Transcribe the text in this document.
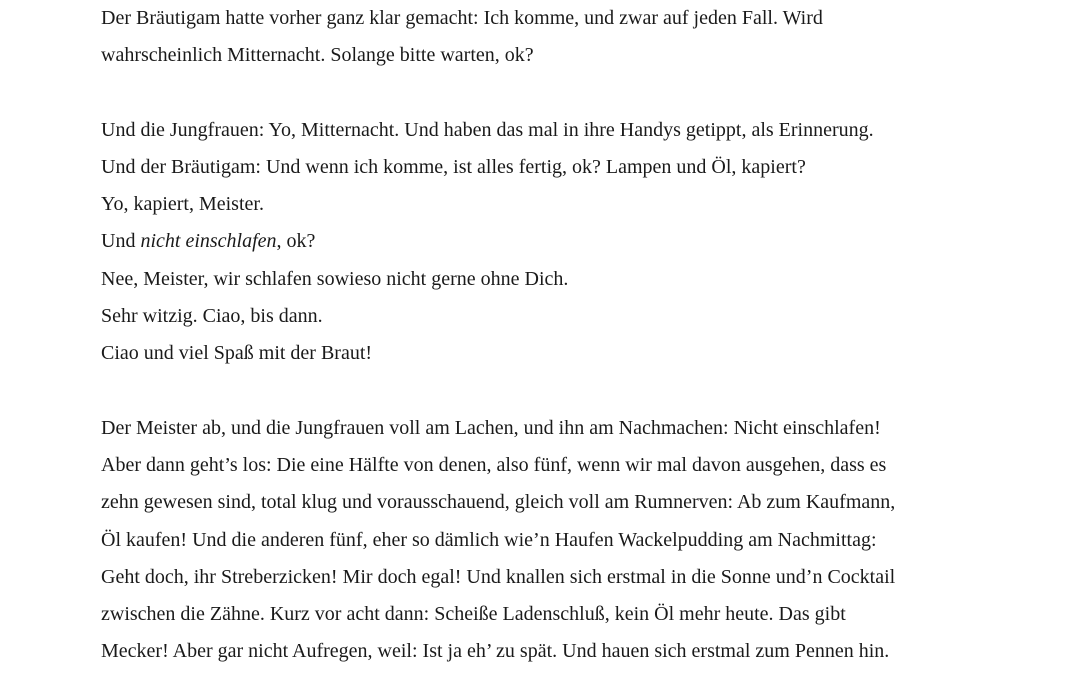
Der Bräutigam hatte vorher ganz klar gemacht: Ich komme, und zwar auf jeden Fall. Wird

wahrscheinlich Mitternacht. Solange bitte warten, ok?

Und die Jungfrauen: Yo, Mitternacht. Und haben das mal in ihre Handys getippt, als Erinnerung.

Und der Bräutigam: Und wenn ich komme, ist alles fertig, ok? Lampen und Öl, kapiert?

Yo, kapiert, Meister.

Und nicht einschlafen, ok?

Nee, Meister, wir schlafen sowieso nicht gerne ohne Dich.

Sehr witzig. Ciao, bis dann.

Ciao und viel Spaß mit der Braut!

Der Meister ab, und die Jungfrauen voll am Lachen, und ihn am Nachmachen: Nicht einschlafen!

Aber dann geht’s los: Die eine Hälfte von denen, also fünf, wenn wir mal davon ausgehen, dass es

zehn gewesen sind, total klug und vorausschauend, gleich voll am Rumnerven: Ab zum Kaufmann,

Öl kaufen! Und die anderen fünf, eher so dämlich wie’n Haufen Wackelpudding am Nachmittag:

Geht doch, ihr Streberzicken! Mir doch egal! Und knallen sich erstmal in die Sonne und’n Cocktail

zwischen die Zähne. Kurz vor acht dann: Scheiße Ladenschluß, kein Öl mehr heute. Das gibt

Mecker! Aber gar nicht Aufregen, weil: Ist ja eh’ zu spät. Und hauen sich erstmal zum Pennen hin.
